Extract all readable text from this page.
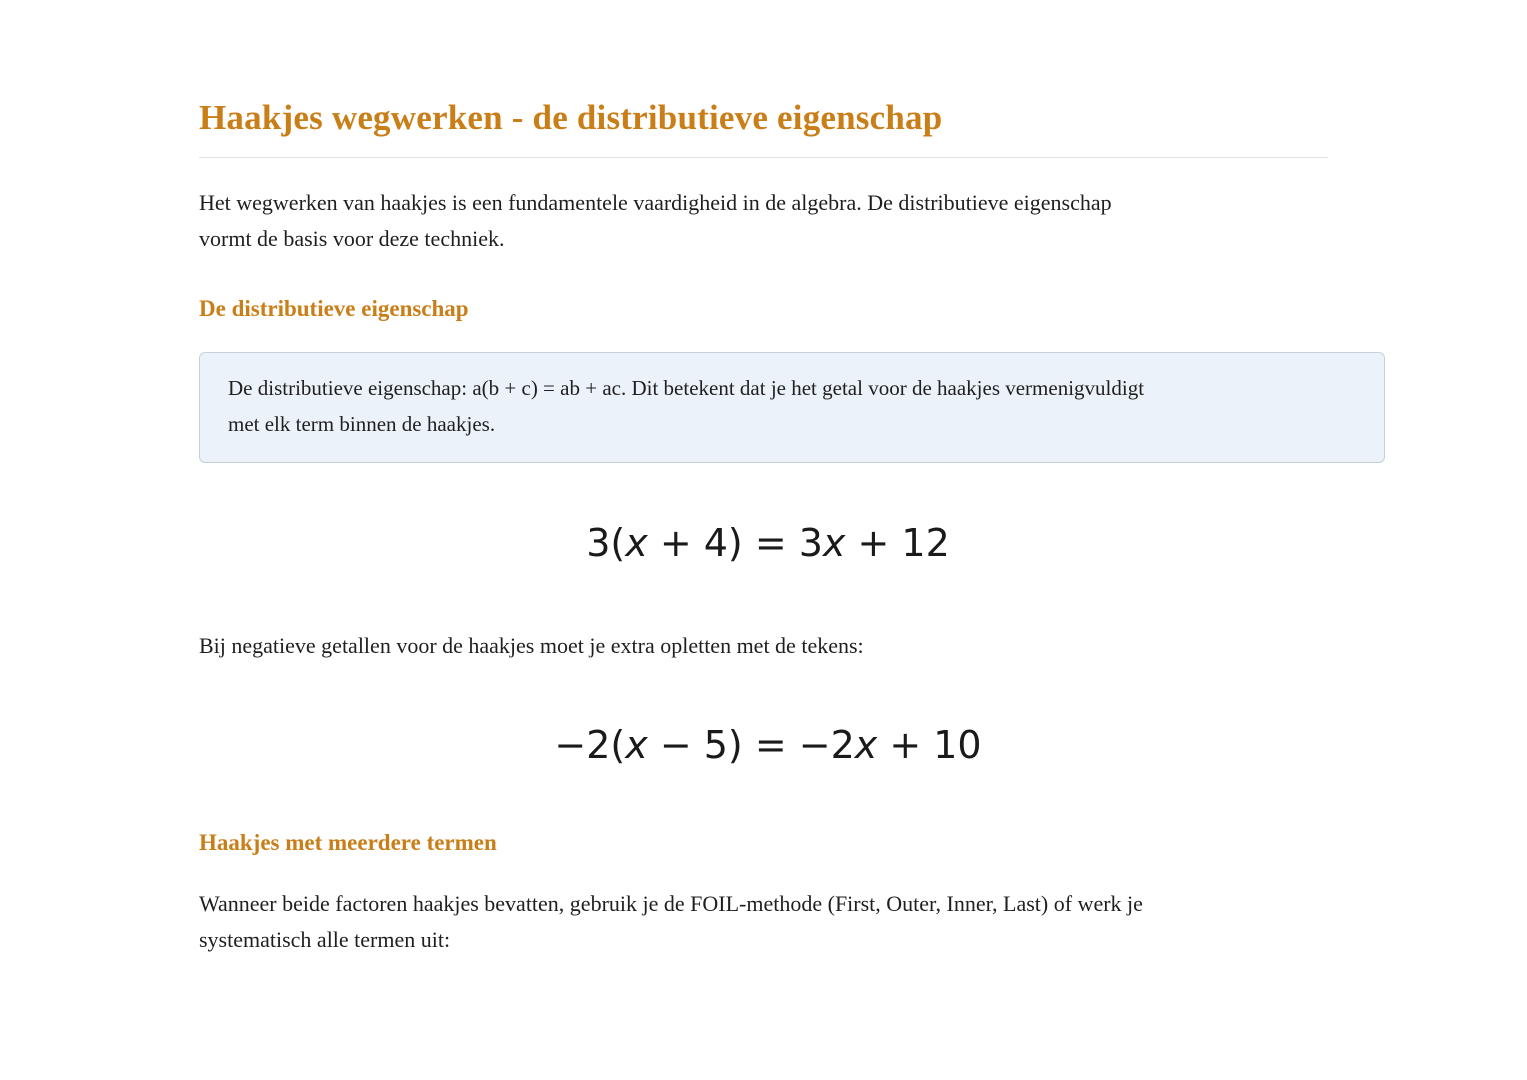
Haakjes wegwerken - de distributieve eigenschap

Het wegwerken van haakjes is een fundamentele vaardigheid in de algebra. De distributieve eigenschap
vormt de basis voor deze techniek.

De distributieve eigenschap
De distributieve eigenschap: a(b + c) = ab + ac. Dit betekent dat je het getal voor de haakjes vermenigvuldigt
met elk term binnen de haakjes.
3(x + 4) = 3x + 12

Bij negatieve getallen voor de haakjes moet je extra opletten met de tekens:

−2(x − 5) = −2x + 10
Haakjes met meerdere termen

Wanneer beide factoren haakjes bevatten, gebruik je de FOIL-methode (First, Outer, Inner, Last) of werk je
systematisch alle termen uit:
